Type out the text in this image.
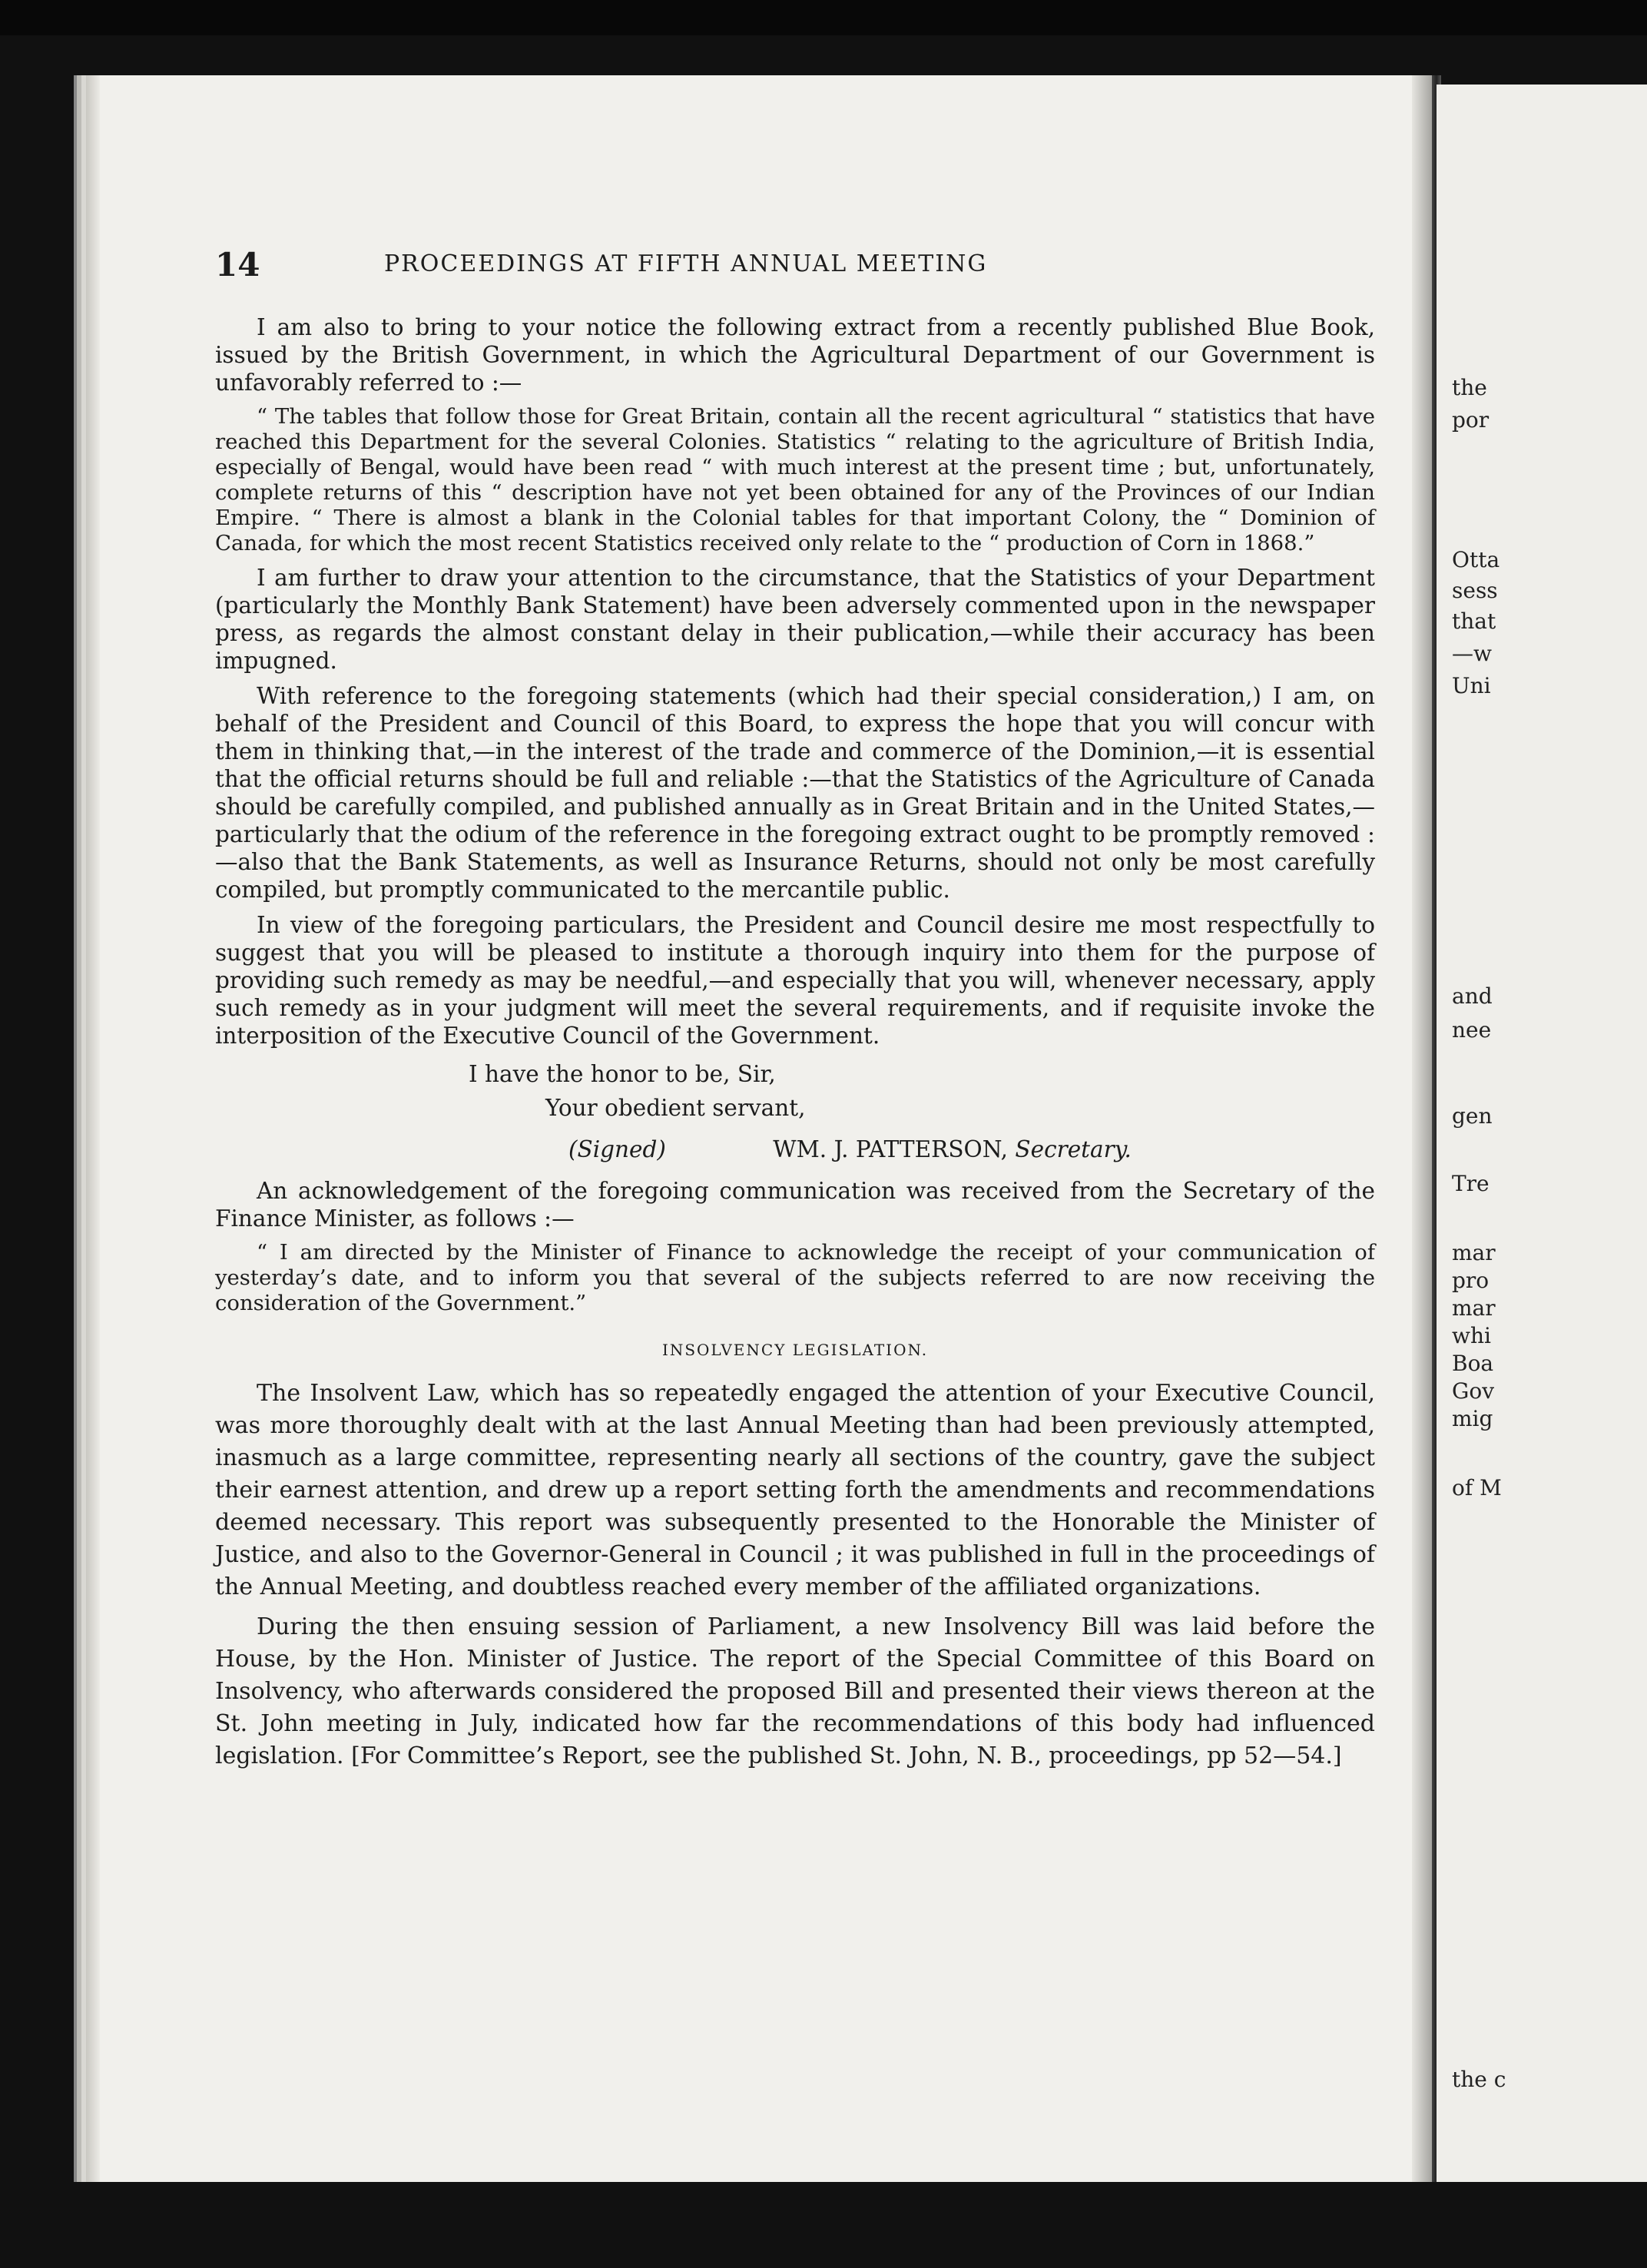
14	PROCEEDINGS AT FIFTH ANNUAL MEETING

I am also to bring to your notice the following extract from a recently published Blue Book, issued by the British Government, in which the Agricultural Department of our Government is unfavorably referred to :—

“ The tables that follow those for Great Britain, contain all the recent agricultural “ statistics that have reached this Department for the several Colonies. Statistics “ relating to the agriculture of British India, especially of Bengal, would have been read “ with much interest at the present time ; but, unfortunately, complete returns of this “ description have not yet been obtained for any of the Provinces of our Indian Empire. “ There is almost a blank in the Colonial tables for that important Colony, the “ Dominion of Canada, for which the most recent Statistics received only relate to the “ production of Corn in 1868.”

I am further to draw your attention to the circumstance, that the Statistics of your Department (particularly the Monthly Bank Statement) have been adversely commented upon in the newspaper press, as regards the almost constant delay in their publication,—while their accuracy has been impugned.

With reference to the foregoing statements (which had their special consideration,) I am, on behalf of the President and Council of this Board, to express the hope that you will concur with them in thinking that,—in the interest of the trade and commerce of the Dominion,—it is essential that the official returns should be full and reliable :—that the Statistics of the Agriculture of Canada should be carefully compiled, and published annually as in Great Britain and in the United States,—particularly that the odium of the reference in the foregoing extract ought to be promptly removed :—also that the Bank Statements, as well as Insurance Returns, should not only be most carefully compiled, but promptly communicated to the mercantile public.

In view of the foregoing particulars, the President and Council desire me most respectfully to suggest that you will be pleased to institute a thorough inquiry into them for the purpose of providing such remedy as may be needful,—and especially that you will, whenever necessary, apply such remedy as in your judgment will meet the several requirements, and if requisite invoke the interposition of the Executive Council of the Government.

I have the honor to be, Sir,
Your obedient servant,
(Signed)	WM. J. PATTERSON, Secretary.

An acknowledgement of the foregoing communication was received from the Secretary of the Finance Minister, as follows :—

“ I am directed by the Minister of Finance to acknowledge the receipt of your communication of yesterday’s date, and to inform you that several of the subjects referred to are now receiving the consideration of the Government.”

INSOLVENCY LEGISLATION.

The Insolvent Law, which has so repeatedly engaged the attention of your Executive Council, was more thoroughly dealt with at the last Annual Meeting than had been previously attempted, inasmuch as a large committee, representing nearly all sections of the country, gave the subject their earnest attention, and drew up a report setting forth the amendments and recommendations deemed necessary. This report was subsequently presented to the Honorable the Minister of Justice, and also to the Governor-General in Council ; it was published in full in the proceedings of the Annual Meeting, and doubtless reached every member of the affiliated organizations.

During the then ensuing session of Parliament, a new Insolvency Bill was laid before the House, by the Hon. Minister of Justice. The report of the Special Committee of this Board on Insolvency, who afterwards considered the proposed Bill and presented their views thereon at the St. John meeting in July, indicated how far the recommendations of this body had influenced legislation. [For Committee’s Report, see the published St. John, N. B., proceedings, pp 52—54.]

the
por
Otta
sess
that
—w
Uni
and
nee
gen
Tre
mar
pro
mar
whi
Boa
Gov
mig
of M
the c
